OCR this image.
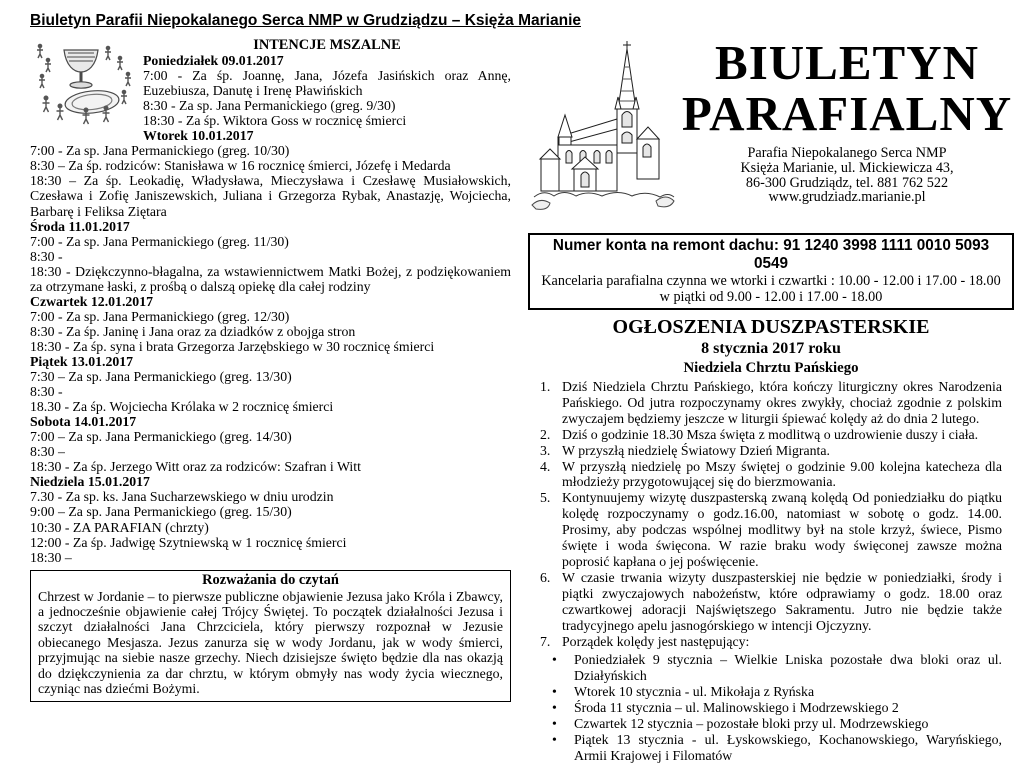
Biuletyn Parafii Niepokalanego Serca NMP w Grudziądzu – Księża Marianie
INTENCJE MSZALNE
Poniedziałek 09.01.2017

7:00 - Za śp. Joannę, Jana, Józefa Jasińskich oraz Annę, Euzebiusza, Danutę i Irenę Pławińskich

8:30 - Za sp. Jana Permanickiego (greg. 9/30)

18:30 - Za śp. Wiktora Goss w rocznicę śmierci

Wtorek 10.01.2017

7:00 - Za sp. Jana Permanickiego (greg. 10/30)

8:30 – Za śp. rodziców: Stanisława w 16 rocznicę śmierci, Józefę i Medarda

18:30 – Za śp. Leokadię, Władysława, Mieczysława i Czesławę Musiałowskich, Czesława i Zofię Janiszewskich, Juliana i Grzegorza Rybak, Anastazję, Wojciecha, Barbarę i Feliksa Ziętara

Środa 11.01.2017

7:00 - Za sp. Jana Permanickiego (greg. 11/30)

8:30 -

18:30 - Dziękczynno-błagalna, za wstawiennictwem Matki Bożej, z podziękowaniem za otrzymane łaski, z prośbą o dalszą opiekę dla całej rodziny

Czwartek 12.01.2017

7:00 - Za sp. Jana Permanickiego (greg. 12/30)

8:30 - Za śp. Janinę i Jana oraz za dziadków z obojga stron

18:30 - Za śp. syna i brata Grzegorza Jarzębskiego w 30 rocznicę śmierci

Piątek 13.01.2017

7:30 – Za sp. Jana Permanickiego (greg. 13/30)

8:30 -

18.30 - Za śp. Wojciecha Królaka w 2 rocznicę śmierci

Sobota 14.01.2017

7:00 – Za sp. Jana Permanickiego (greg. 14/30)

8:30 –

18:30 - Za śp. Jerzego Witt oraz za rodziców: Szafran i Witt

Niedziela 15.01.2017

7.30 - Za sp. ks. Jana Sucharzewskiego w dniu urodzin

9:00 – Za sp. Jana Permanickiego (greg. 15/30)

10:30 - ZA PARAFIAN (chrzty)

12:00 - Za śp. Jadwigę Szytniewską w 1 rocznicę śmierci

18:30 –

Rozważania do czytań

Chrzest w Jordanie – to pierwsze publiczne objawienie Jezusa jako Króla i Zbawcy, a jednocześnie objawienie całej Trójcy Świętej. To początek działalności Jezusa i szczyt działalności Jana Chrzciciela, który pierwszy rozpoznał w Jezusie obiecanego Mesjasza. Jezus zanurza się w wody Jordanu, jak w wody śmierci, przyjmując na siebie nasze grzechy. Niech dzisiejsze święto będzie dla nas okazją do dziękczynienia za dar chrztu, w którym obmyły nas wody życia wiecznego, czyniąc nas dziećmi Bożymi.

BIULETYN
PARAFIALNY
Parafia Niepokalanego Serca NMP
Księża Marianie, ul. Mickiewicza 43,
86-300 Grudziądz, tel. 881 762 522
www.grudziadz.marianie.pl
Numer konta na remont dachu: 91 1240 3998 1111 0010 5093 0549
Kancelaria parafialna czynna we wtorki i czwartki : 10.00 - 12.00 i 17.00 - 18.00
w piątki od 9.00 - 12.00 i 17.00 - 18.00
OGŁOSZENIA DUSZPASTERSKIE
8 stycznia 2017 roku
Niedziela Chrztu Pańskiego
1. Dziś Niedziela Chrztu Pańskiego, która kończy liturgiczny okres Narodzenia Pańskiego. Od jutra rozpoczynamy okres zwykły, chociaż zgodnie z polskim zwyczajem będziemy jeszcze w liturgii śpiewać kolędy aż do dnia 2 lutego.
2. Dziś o godzinie 18.30 Msza święta z modlitwą o uzdrowienie duszy i ciała.
3. W przyszłą niedzielę Światowy Dzień Migranta.
4. W przyszłą niedzielę po Mszy świętej o godzinie 9.00 kolejna katecheza dla młodzieży przygotowującej się do bierzmowania.
5. Kontynuujemy wizytę duszpasterską zwaną kolędą Od poniedziałku do piątku kolędę rozpoczynamy o godz.16.00, natomiast w sobotę o godz. 14.00. Prosimy, aby podczas wspólnej modlitwy był na stole krzyż, świece, Pismo święte i woda święcona. W razie braku wody święconej zawsze można poprosić kapłana o jej poświęcenie.
6. W czasie trwania wizyty duszpasterskiej nie będzie w poniedziałki, środy i piątki zwyczajowych nabożeństw, które odprawiamy o godz. 18.00 oraz czwartkowej adoracji Najświętszego Sakramentu. Jutro nie będzie także tradycyjnego apelu jasnogórskiego w intencji Ojczyzny.
7. Porządek kolędy jest następujący:
•	Poniedziałek 9 stycznia – Wielkie Lniska pozostałe dwa bloki oraz ul. Działyńskich
•	Wtorek 10 stycznia - ul. Mikołaja z Ryńska
•	Środa 11 stycznia – ul. Malinowskiego i Modrzewskiego 2
•	Czwartek 12 stycznia – pozostałe bloki przy ul. Modrzewskiego
•	Piątek 13 stycznia - ul. Łyskowskiego, Kochanowskiego, Waryńskiego, Armii Krajowej i Filomatów
